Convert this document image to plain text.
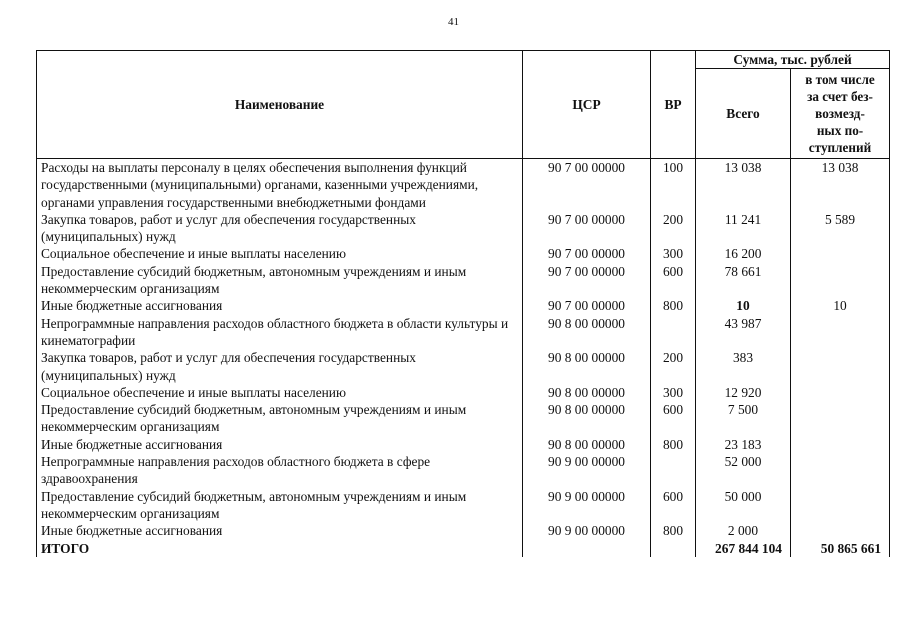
41
Наименование	ЦСР	ВР	Сумма, тыс. рублей	
			Всего	в том числе
за счет без-
возмезд-
ных по-
ступлений

Расходы на выплаты персоналу в целях обеспечения выполнения функций государственными (муниципальными) органами, казенными учреждениями, органами управления государственными внебюджетными фондами	90 7 00 00000	100	13 038	13 038
Закупка товаров, работ и услуг для обеспечения государственных (муниципальных) нужд	90 7 00 00000	200	11 241	5 589
Социальное обеспечение и иные выплаты населению	90 7 00 00000	300	16 200	
Предоставление субсидий бюджетным, автономным учреждениям и иным некоммерческим организациям	90 7 00 00000	600	78 661	
Иные бюджетные ассигнования	90 7 00 00000	800	10	10
Непрограммные направления расходов областного бюджета в области культуры и кинематографии	90 8 00 00000		43 987	
Закупка товаров, работ и услуг для обеспечения государственных (муниципальных) нужд	90 8 00 00000	200	383	
Социальное обеспечение и иные выплаты населению	90 8 00 00000	300	12 920	
Предоставление субсидий бюджетным, автономным учреждениям и иным некоммерческим организациям	90 8 00 00000	600	7 500	
Иные бюджетные ассигнования	90 8 00 00000	800	23 183	
Непрограммные направления расходов областного бюджета в сфере здравоохранения	90 9 00 00000		52 000	
Предоставление субсидий бюджетным, автономным учреждениям и иным некоммерческим организациям	90 9 00 00000	600	50 000	
Иные бюджетные ассигнования	90 9 00 00000	800	2 000	
ИТОГО			267 844 104	50 865 661
